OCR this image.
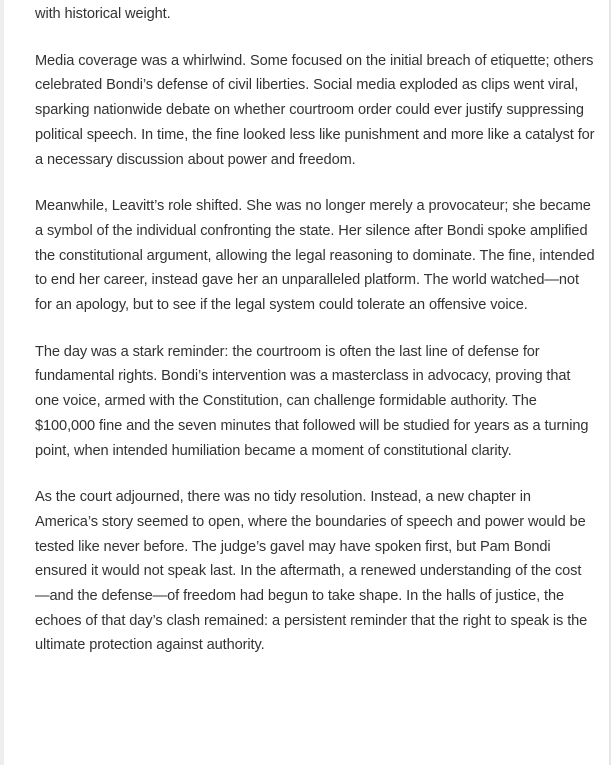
with historical weight.

Media coverage was a whirlwind. Some focused on the initial breach of etiquette; others celebrated Bondi’s defense of civil liberties. Social media exploded as clips went viral, sparking nationwide debate on whether courtroom order could ever justify suppressing political speech. In time, the fine looked less like punishment and more like a catalyst for a necessary discussion about power and freedom.

Meanwhile, Leavitt’s role shifted. She was no longer merely a provocateur; she became a symbol of the individual confronting the state. Her silence after Bondi spoke amplified the constitutional argument, allowing the legal reasoning to dominate. The fine, intended to end her career, instead gave her an unparalleled platform. The world watched—not for an apology, but to see if the legal system could tolerate an offensive voice.

The day was a stark reminder: the courtroom is often the last line of defense for fundamental rights. Bondi’s intervention was a masterclass in advocacy, proving that one voice, armed with the Constitution, can challenge formidable authority. The $100,000 fine and the seven minutes that followed will be studied for years as a turning point, when intended humiliation became a moment of constitutional clarity.

As the court adjourned, there was no tidy resolution. Instead, a new chapter in America’s story seemed to open, where the boundaries of speech and power would be tested like never before. The judge’s gavel may have spoken first, but Pam Bondi ensured it would not speak last. In the aftermath, a renewed understanding of the cost—and the defense—of freedom had begun to take shape. In the halls of justice, the echoes of that day’s clash remained: a persistent reminder that the right to speak is the ultimate protection against authority.
